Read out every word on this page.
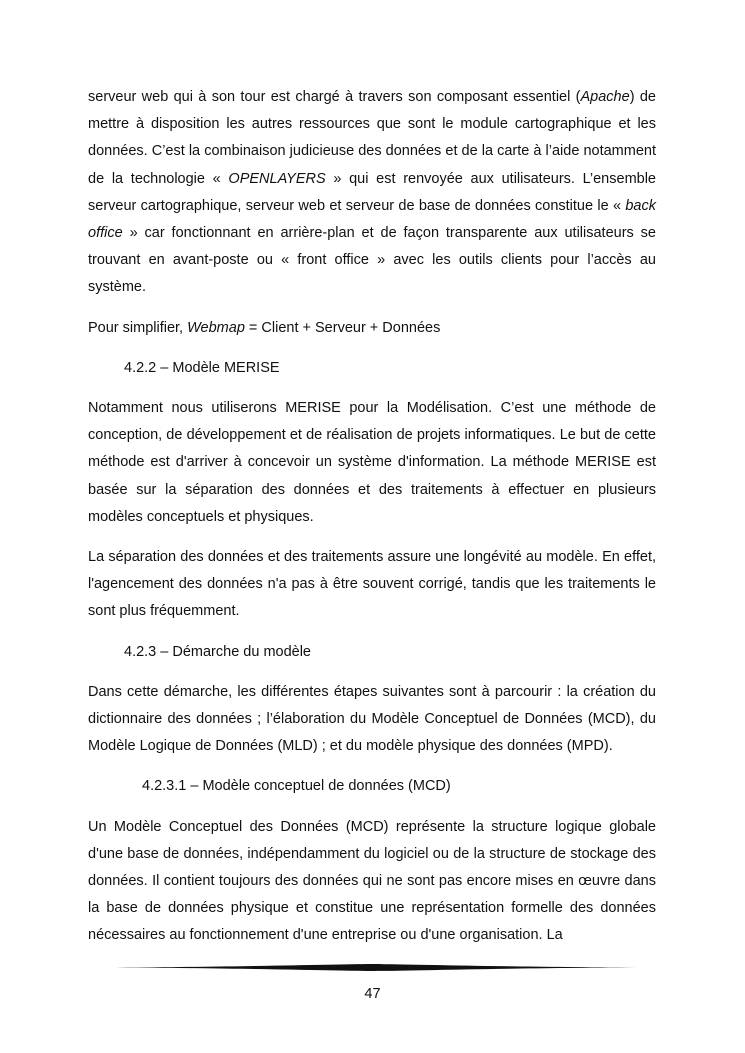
serveur web qui à son tour est chargé à travers son composant essentiel (Apache) de mettre à disposition les autres ressources que sont le module cartographique et les données. C’est la combinaison judicieuse des données et de la carte à l’aide notamment de la technologie « OPENLAYERS » qui est renvoyée aux utilisateurs. L’ensemble serveur cartographique, serveur web et serveur de base de données constitue le « back office » car fonctionnant en arrière-plan et de façon transparente aux utilisateurs se trouvant en avant-poste ou « front office » avec les outils clients pour l’accès au système.

Pour simplifier, Webmap = Client + Serveur + Données

4.2.2 – Modèle MERISE

Notamment nous utiliserons MERISE pour la Modélisation. C’est une méthode de conception, de développement et de réalisation de projets informatiques. Le but de cette méthode est d'arriver à concevoir un système d'information. La méthode MERISE est basée sur la séparation des données et des traitements à effectuer en plusieurs modèles conceptuels et physiques.

La séparation des données et des traitements assure une longévité au modèle. En effet, l'agencement des données n'a pas à être souvent corrigé, tandis que les traitements le sont plus fréquemment.

4.2.3 – Démarche du modèle

Dans cette démarche, les différentes étapes suivantes sont à parcourir : la création du dictionnaire des données ; l’élaboration du Modèle Conceptuel de Données (MCD), du Modèle Logique de Données (MLD) ; et du modèle physique des données (MPD).

4.2.3.1 – Modèle conceptuel de données (MCD)

Un Modèle Conceptuel des Données (MCD) représente la structure logique globale d'une base de données, indépendamment du logiciel ou de la structure de stockage des données. Il contient toujours des données qui ne sont pas encore mises en œuvre dans la base de données physique et constitue une représentation formelle des données nécessaires au fonctionnement d'une entreprise ou d'une organisation. La

47
